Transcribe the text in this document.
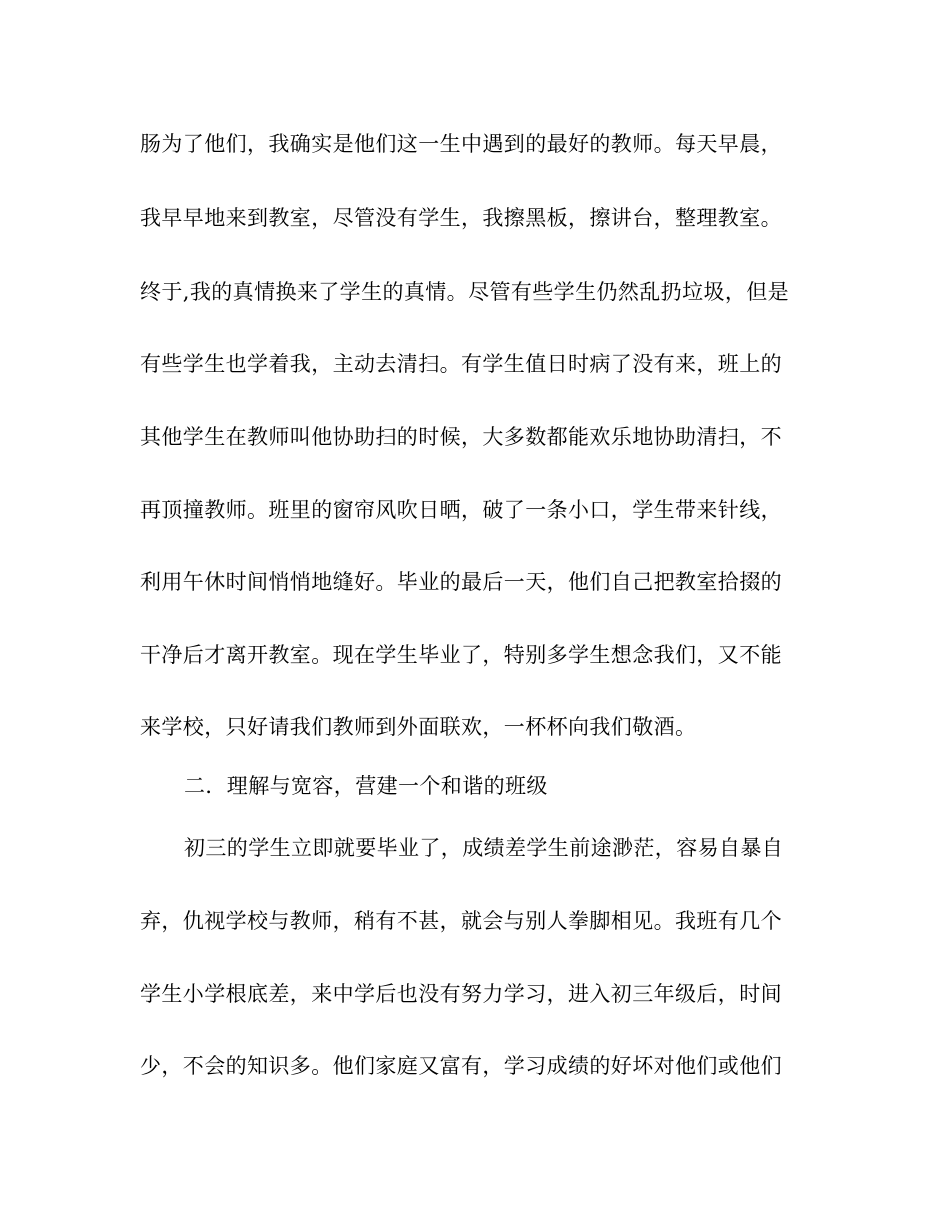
肠为了他们，我确实是他们这一生中遇到的最好的教师。每天早晨，
我早早地来到教室，尽管没有学生，我擦黑板，擦讲台，整理教室。
终于,我的真情换来了学生的真情。尽管有些学生仍然乱扔垃圾，但是
有些学生也学着我，主动去清扫。有学生值日时病了没有来，班上的
其他学生在教师叫他协助扫的时候，大多数都能欢乐地协助清扫，不
再顶撞教师。班里的窗帘风吹日晒，破了一条小口，学生带来针线，
利用午休时间悄悄地缝好。毕业的最后一天，他们自己把教室拾掇的
干净后才离开教室。现在学生毕业了，特别多学生想念我们，又不能
来学校，只好请我们教师到外面联欢，一杯杯向我们敬酒。
二．理解与宽容，营建一个和谐的班级
初三的学生立即就要毕业了，成绩差学生前途渺茫，容易自暴自
弃，仇视学校与教师，稍有不甚，就会与别人拳脚相见。我班有几个
学生小学根底差，来中学后也没有努力学习，进入初三年级后，时间
少，不会的知识多。他们家庭又富有，学习成绩的好坏对他们或他们
